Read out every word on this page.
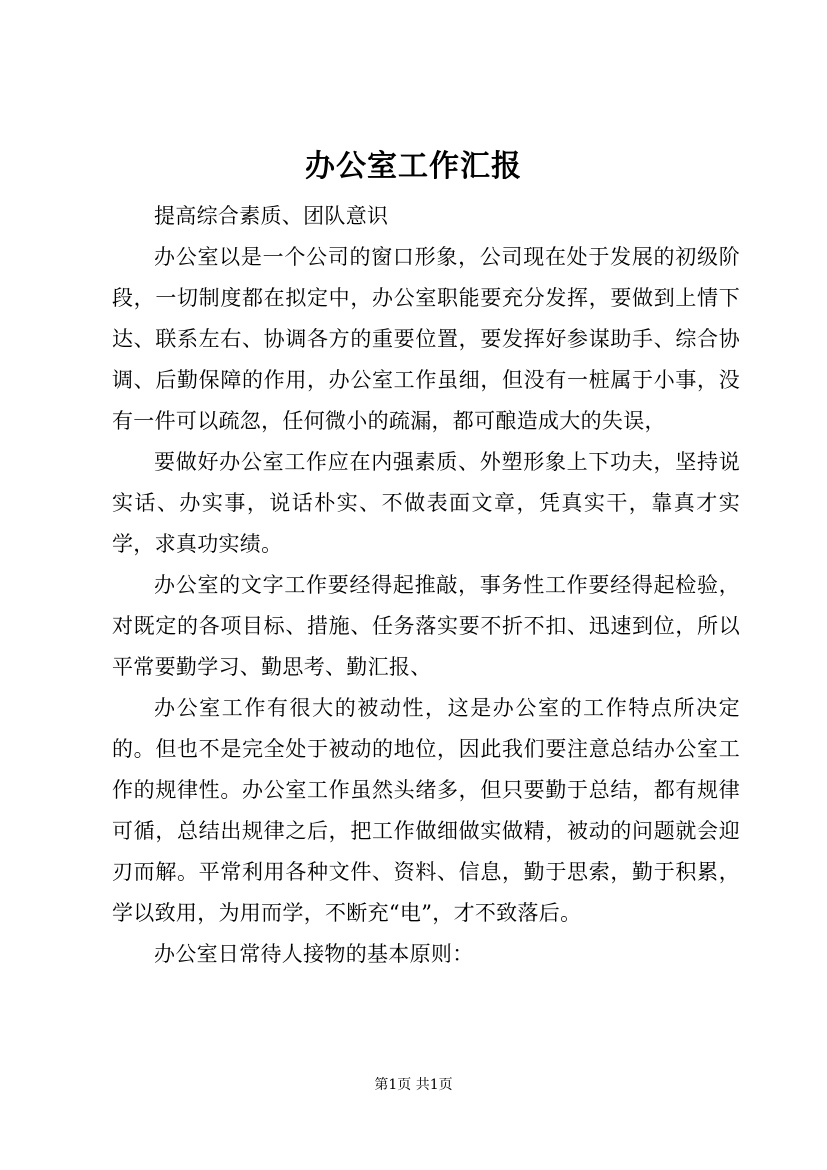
办公室工作汇报

提高综合素质、团队意识

办公室以是一个公司的窗口形象，公司现在处于发展的初级阶段，一切制度都在拟定中，办公室职能要充分发挥，要做到上情下达、联系左右、协调各方的重要位置，要发挥好参谋助手、综合协调、后勤保障的作用，办公室工作虽细，但没有一桩属于小事，没有一件可以疏忽，任何微小的疏漏，都可酿造成大的失误，

要做好办公室工作应在内强素质、外塑形象上下功夫，坚持说实话、办实事，说话朴实、不做表面文章，凭真实干，靠真才实学，求真功实绩。

办公室的文字工作要经得起推敲，事务性工作要经得起检验，对既定的各项目标、措施、任务落实要不折不扣、迅速到位，所以平常要勤学习、勤思考、勤汇报、

办公室工作有很大的被动性，这是办公室的工作特点所决定的。但也不是完全处于被动的地位，因此我们要注意总结办公室工作的规律性。办公室工作虽然头绪多，但只要勤于总结，都有规律可循，总结出规律之后，把工作做细做实做精，被动的问题就会迎刃而解。平常利用各种文件、资料、信息，勤于思索，勤于积累，学以致用，为用而学，不断充“电”，才不致落后。

办公室日常待人接物的基本原则：

第1页 共1页
